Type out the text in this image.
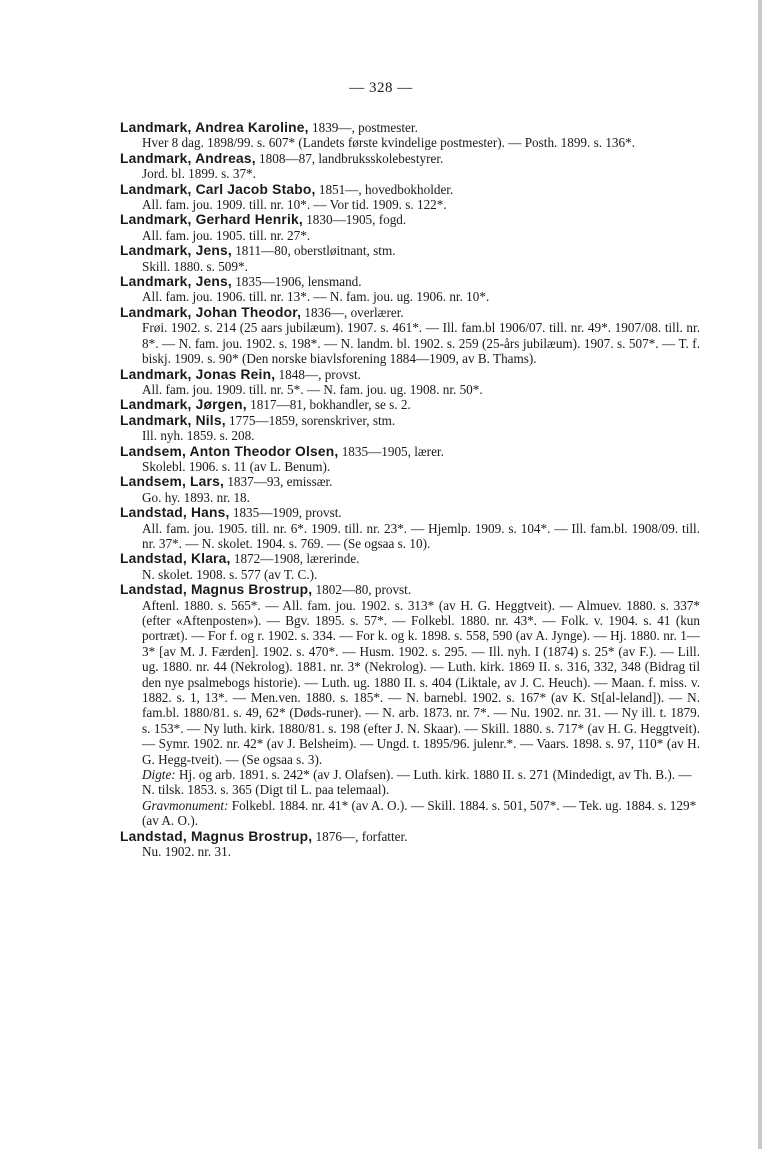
— 328 —
Landmark, Andrea Karoline, 1839—, postmester.
Hver 8 dag. 1898/99. s. 607* (Landets første kvindelige postmester). — Posth. 1899. s. 136*.
Landmark, Andreas, 1808—87, landbruksskolebestyrer.
Jord. bl. 1899. s. 37*.
Landmark, Carl Jacob Stabo, 1851—, hovedbokholder.
All. fam. jou. 1909. till. nr. 10*. — Vor tid. 1909. s. 122*.
Landmark, Gerhard Henrik, 1830—1905, fogd.
All. fam. jou. 1905. till. nr. 27*.
Landmark, Jens, 1811—80, oberstløitnant, stm.
Skill. 1880. s. 509*.
Landmark, Jens, 1835—1906, lensmand.
All. fam. jou. 1906. till. nr. 13*. — N. fam. jou. ug. 1906. nr. 10*.
Landmark, Johan Theodor, 1836—, overlærer.
Frøi. 1902. s. 214 (25 aars jubilæum). 1907. s. 461*. — Ill. fam.bl 1906/07. till. nr. 49*. 1907/08. till. nr. 8*. — N. fam. jou. 1902. s. 198*. — N. landm. bl. 1902. s. 259 (25-års jubilæum). 1907. s. 507*. — T. f. biskj. 1909. s. 90* (Den norske biavlsforening 1884—1909, av B. Thams).
Landmark, Jonas Rein, 1848—, provst.
All. fam. jou. 1909. till. nr. 5*. — N. fam. jou. ug. 1908. nr. 50*.
Landmark, Jørgen, 1817—81, bokhandler, se s. 2.
Landmark, Nils, 1775—1859, sorenskriver, stm.
Ill. nyh. 1859. s. 208.
Landsem, Anton Theodor Olsen, 1835—1905, lærer.
Skolebl. 1906. s. 11 (av L. Benum).
Landsem, Lars, 1837—93, emissær.
Go. hy. 1893. nr. 18.
Landstad, Hans, 1835—1909, provst.
All. fam. jou. 1905. till. nr. 6*. 1909. till. nr. 23*. — Hjemlp. 1909. s. 104*. — Ill. fam.bl. 1908/09. till. nr. 37*. — N. skolet. 1904. s. 769. — (Se ogsaa s. 10).
Landstad, Klara, 1872—1908, lærerinde.
N. skolet. 1908. s. 577 (av T. C.).
Landstad, Magnus Brostrup, 1802—80, provst.
Aftenl. 1880. s. 565*. — All. fam. jou. 1902. s. 313* (av H. G. Heggtveit). — Almuev. 1880. s. 337* (efter «Aftenposten»). — Bgv. 1895. s. 57*. — Folkebl. 1880. nr. 43*. — Folk. v. 1904. s. 41 (kun portræt). — For f. og r. 1902. s. 334. — For k. og k. 1898. s. 558, 590 (av A. Jynge). — Hj. 1880. nr. 1—3* [av M. J. Færden]. 1902. s. 470*. — Husm. 1902. s. 295. — Ill. nyh. I (1874) s. 25* (av F.). — Lill. ug. 1880. nr. 44 (Nekrolog). 1881. nr. 3* (Nekrolog). — Luth. kirk. 1869 II. s. 316, 332, 348 (Bidrag til den nye psalmebogs historie). — Luth. ug. 1880 II. s. 404 (Liktale, av J. C. Heuch). — Maan. f. miss. v. 1882. s. 1, 13*. — Men.ven. 1880. s. 185*. — N. barnebl. 1902. s. 167* (av K. St[al-leland]). — N. fam.bl. 1880/81. s. 49, 62* (Døds-runer). — N. arb. 1873. nr. 7*. — Nu. 1902. nr. 31. — Ny ill. t. 1879. s. 153*. — Ny luth. kirk. 1880/81. s. 198 (efter J. N. Skaar). — Skill. 1880. s. 717* (av H. G. Heggtveit). — Symr. 1902. nr. 42* (av J. Belsheim). — Ungd. t. 1895/96. julenr.*. — Vaars. 1898. s. 97, 110* (av H. G. Hegg-tveit). — (Se ogsaa s. 3).
Digte: Hj. og arb. 1891. s. 242* (av J. Olafsen). — Luth. kirk. 1880 II. s. 271 (Mindedigt, av Th. B.). — N. tilsk. 1853. s. 365 (Digt til L. paa telemaal).
Gravmonument: Folkebl. 1884. nr. 41* (av A. O.). — Skill. 1884. s. 501, 507*. — Tek. ug. 1884. s. 129* (av A. O.).
Landstad, Magnus Brostrup, 1876—, forfatter.
Nu. 1902. nr. 31.
